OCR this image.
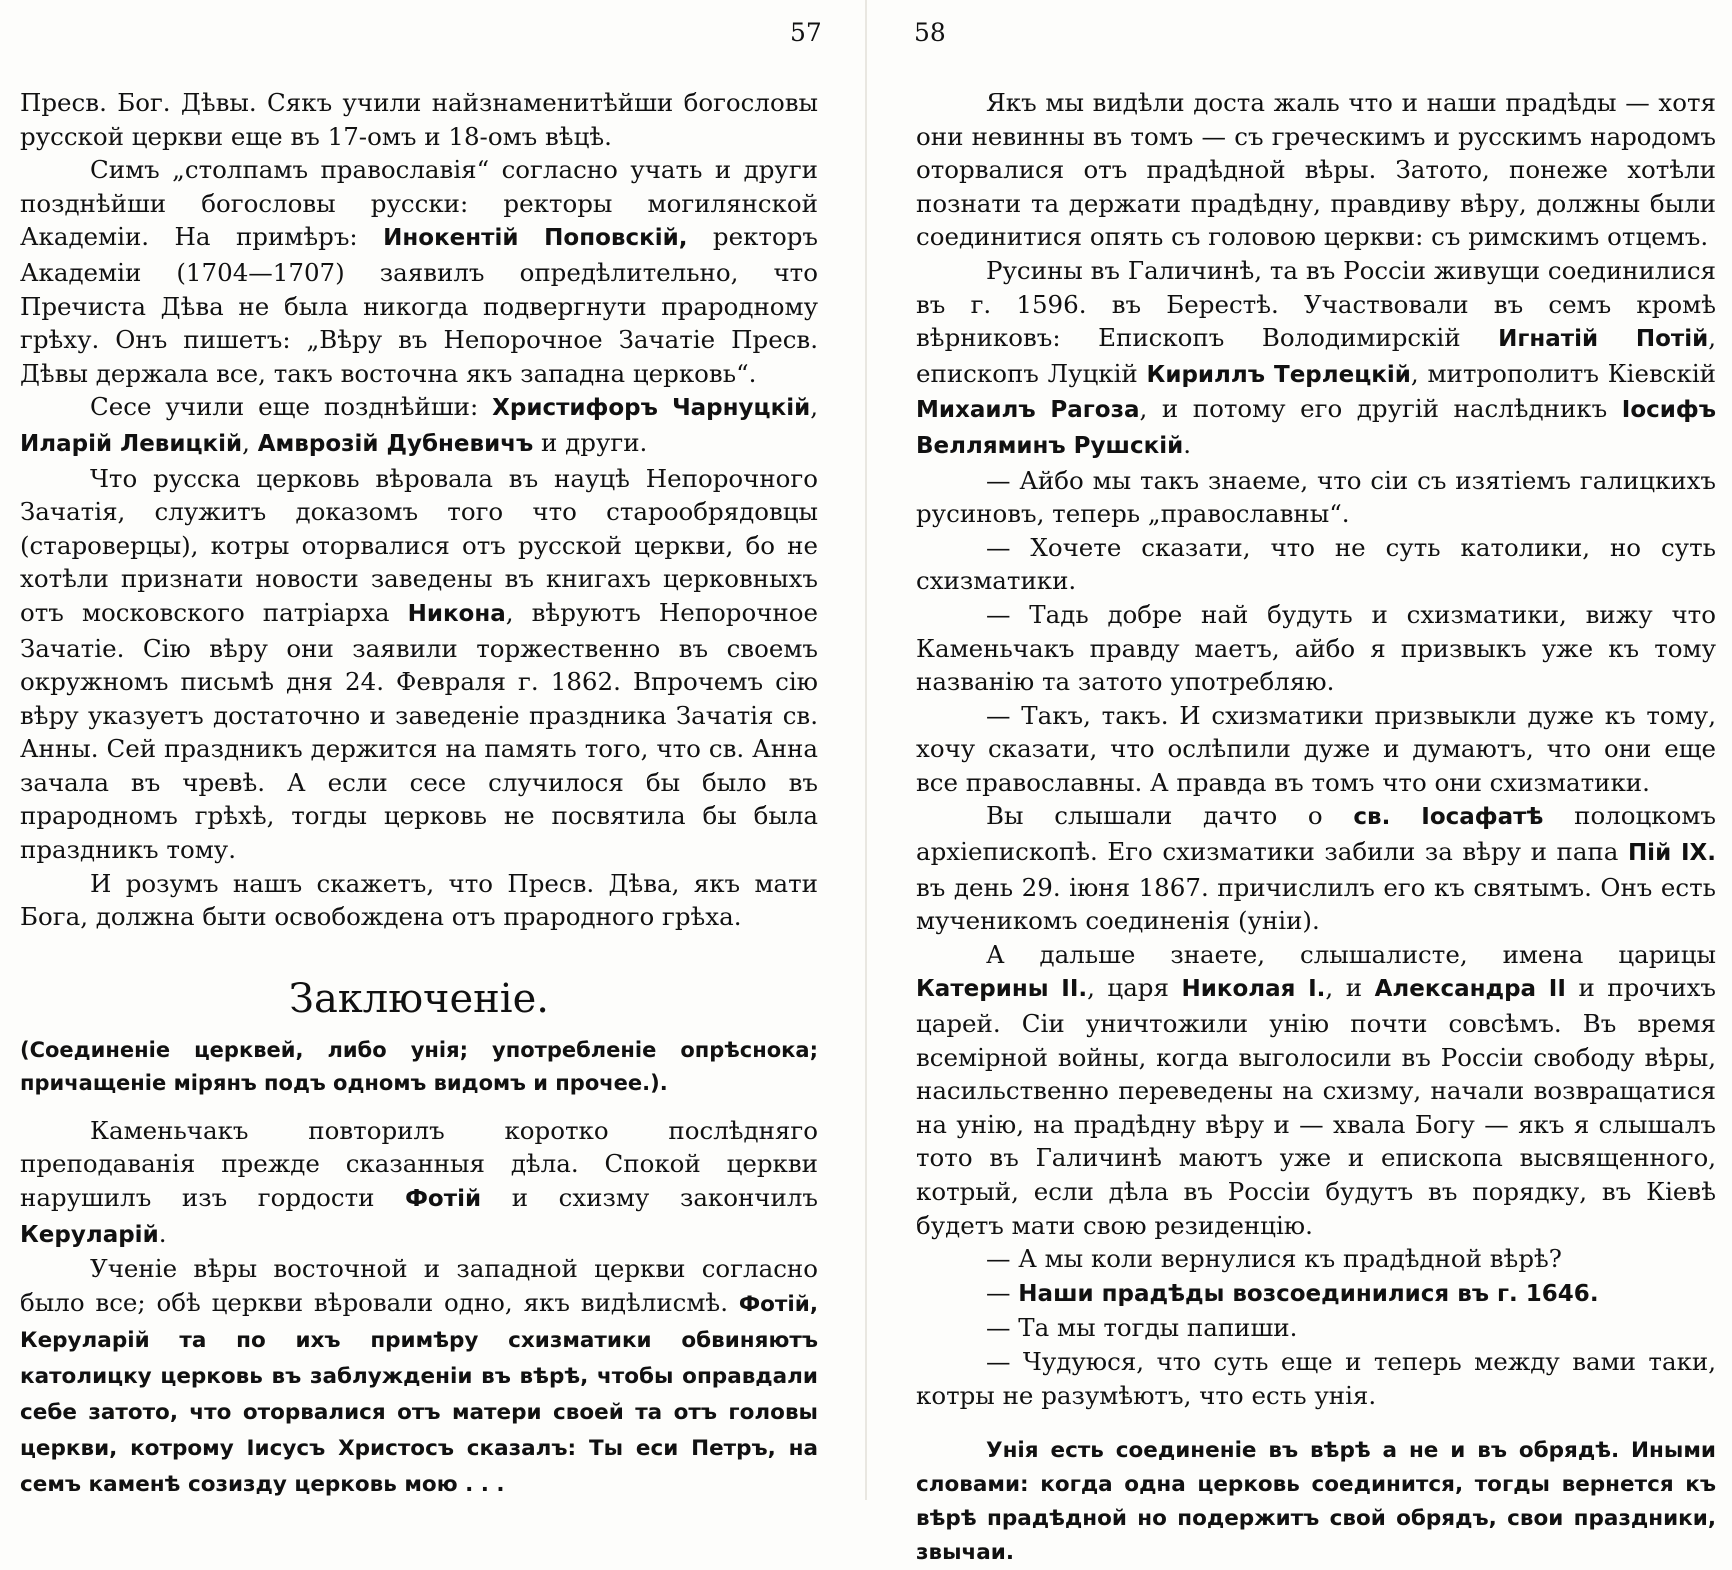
57

Пресв. Бог. Дѣвы. Сякъ учили найзнаменитѣйши богословы русской церкви еще въ 17-омъ и 18-омъ вѣцѣ.

Симъ „столпамъ православія“ согласно учать и други позднѣйши богословы русски: ректоры могилянской Академіи. На примѣръ: Инокентій Поповскій, ректоръ Академіи (1704—1707) заявилъ опредѣлительно, что Пречиста Дѣва не была никогда подвергнути прародному грѣху. Онъ пишетъ: „Вѣру въ Непорочное Зачатіе Пресв. Дѣвы держала все, такъ восточна якъ западна церковь“.

Сесе учили еще позднѣйши: Христифоръ Чарнуцкій, Иларій Левицкій, Амврозій Дубневичъ и други.

Что русска церковь вѣровала въ науцѣ Непорочного Зачатія, служитъ доказомъ того что старообрядовцы (староверцы), котры оторвалися отъ русской церкви, бо не хотѣли признати новости заведены въ книгахъ церковныхъ отъ московского патріарха Никона, вѣруютъ Непорочное Зачатіе. Сію вѣру они заявили торжественно въ своемъ окружномъ письмѣ дня 24. Февраля г. 1862. Впрочемъ сію вѣру указуетъ достаточно и заведеніе праздника Зачатія св. Анны. Сей праздникъ держится на память того, что св. Анна зачала въ чревѣ. А если сесе случилося бы было въ прародномъ грѣхѣ, тогды церковь не посвятила бы была праздникъ тому.

И розумъ нашъ скажетъ, что Пресв. Дѣва, якъ мати Бога, должна быти освобождена отъ прародного грѣха.

Заключеніе.

(Соединеніе церквей, либо унія; употребленіе опрѣснока; причащеніе мірянъ подъ одномъ видомъ и прочее.).

Каменьчакъ повторилъ коротко послѣдняго преподаванія прежде сказанныя дѣла. Спокой церкви нарушилъ изъ гордости Фотій и схизму закончилъ Керуларій.

Ученіе вѣры восточной и западной церкви согласно было все; обѣ церкви вѣровали одно, якъ видѣлисмѣ. Фотій, Керуларій та по ихъ примѣру схизматики обвиняютъ католицку церковь въ заблужденіи въ вѣрѣ, чтобы оправдали себе затото, что оторвалися отъ матери своей та отъ головы церкви, котрому Іисусъ Христосъ сказалъ: Ты еси Петръ, на семъ каменѣ созизду церковь мою . . .

58

Якъ мы видѣли доста жаль что и наши прадѣды — хотя они невинны въ томъ — съ греческимъ и русскимъ народомъ оторвалися отъ прадѣдной вѣры. Затото, понеже хотѣли познати та держати прадѣдну, правдиву вѣру, должны были соединитися опять съ головою церкви: съ римскимъ отцемъ.

Русины въ Галичинѣ, та въ Россіи живущи соединилися въ г. 1596. въ Берестѣ. Участвовали въ семъ кромѣ вѣрниковъ: Епископъ Володимирскій Игнатій Потій, епископъ Луцкій Кириллъ Терлецкій, митрополитъ Кіевскій Михаилъ Рагоза, и потому его другій наслѣдникъ Іосифъ Велляминъ Рушскій.

— Айбо мы такъ знаеме, что сіи съ изятіемъ галицкихъ русиновъ, теперь „православны“.

— Хочете сказати, что не суть католики, но суть схизматики.

— Тадь добре най будуть и схизматики, вижу что Каменьчакъ правду маетъ, айбо я призвыкъ уже къ тому названію та затото употребляю.

— Такъ, такъ. И схизматики призвыкли дуже къ тому, хочу сказати, что ослѣпили дуже и думаютъ, что они еще все православны. А правда въ томъ что они схизматики.

Вы слышали дачто о св. Іосафатѣ полоцкомъ архіепископѣ. Его схизматики забили за вѣру и папа Пій IX. въ день 29. іюня 1867. причислилъ его къ святымъ. Онъ есть мученикомъ соединенія (уніи).

А дальше знаете, слышалисте, имена царицы Катерины II., царя Николая I., и Александра II и прочихъ царей. Сіи уничтожили унію почти совсѣмъ. Въ время всемірной войны, когда выголосили въ Россіи свободу вѣры, насильственно переведены на схизму, начали возвращатися на унію, на прадѣдну вѣру и — хвала Богу — якъ я слышалъ тото въ Галичинѣ маютъ уже и епископа высвященного, котрый, если дѣла въ Россіи будутъ въ порядку, въ Кіевѣ будетъ мати свою резиденцію.

— А мы коли вернулися къ прадѣдной вѣрѣ?

— Наши прадѣды возсоединилися въ г. 1646.

— Та мы тогды папиши.

— Чудуюся, что суть еще и теперь между вами таки, котры не разумѣютъ, что есть унія.

Унія есть соединеніе въ вѣрѣ а не и въ обрядѣ. Иными словами: когда одна церковь соединится, тогды вернется къ вѣрѣ прадѣдной но подержитъ свой обрядъ, свои праздники, звычаи.
